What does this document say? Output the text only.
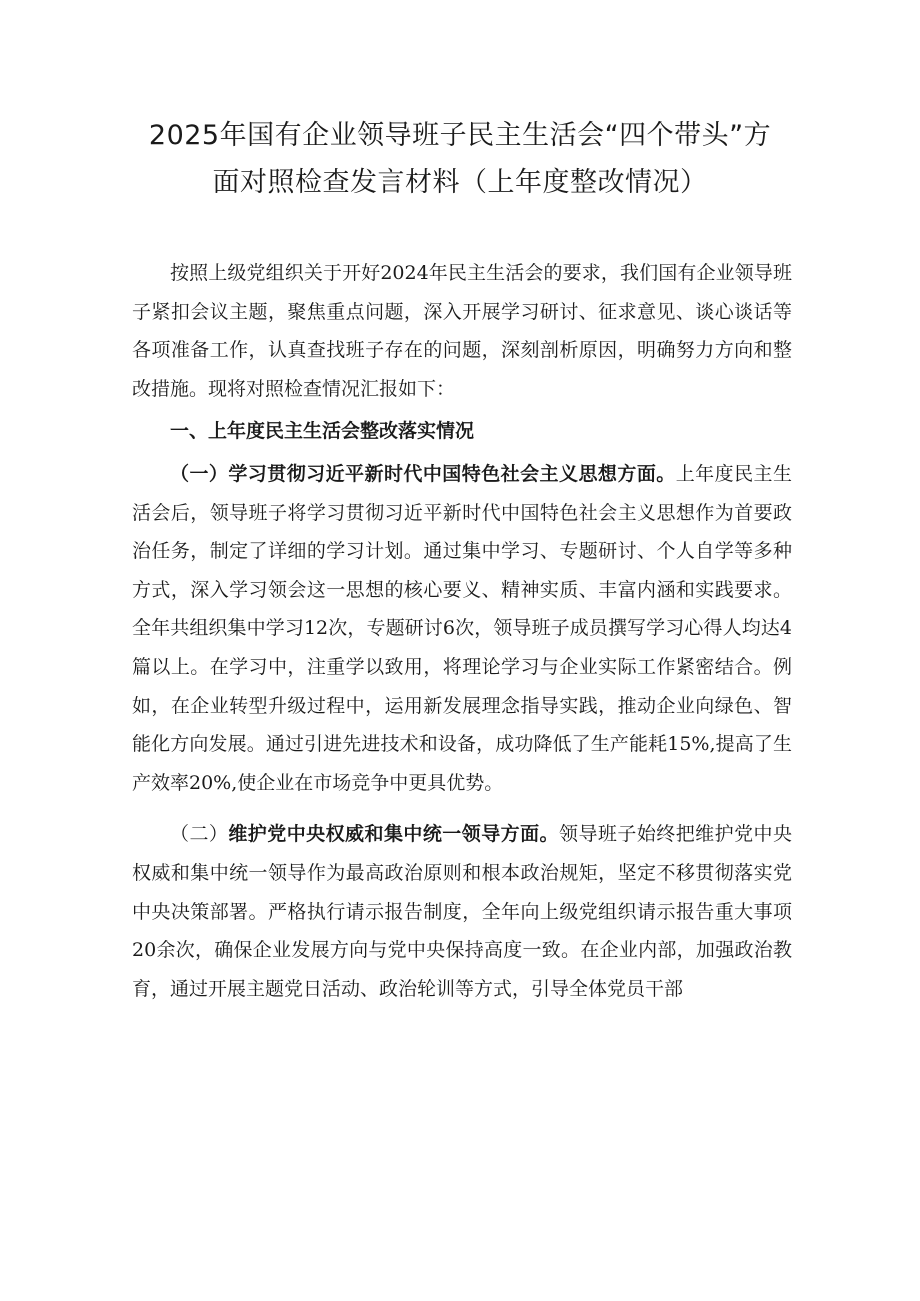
2025年国有企业领导班子民主生活会“四个带头”方
面对照检查发言材料（上年度整改情况）

按照上级党组织关于开好2024年民主生活会的要求，我们国有企业领导班子紧扣会议主题，聚焦重点问题，深入开展学习研讨、征求意见、谈心谈话等各项准备工作，认真查找班子存在的问题，深刻剖析原因，明确努力方向和整改措施。现将对照检查情况汇报如下：

一、上年度民主生活会整改落实情况

（一）学习贯彻习近平新时代中国特色社会主义思想方面。上年度民主生活会后，领导班子将学习贯彻习近平新时代中国特色社会主义思想作为首要政治任务，制定了详细的学习计划。通过集中学习、专题研讨、个人自学等多种方式，深入学习领会这一思想的核心要义、精神实质、丰富内涵和实践要求。全年共组织集中学习12次，专题研讨6次，领导班子成员撰写学习心得人均达4篇以上。在学习中，注重学以致用，将理论学习与企业实际工作紧密结合。例如，在企业转型升级过程中，运用新发展理念指导实践，推动企业向绿色、智能化方向发展。通过引进先进技术和设备，成功降低了生产能耗15%,提高了生产效率20%,使企业在市场竞争中更具优势。

（二）维护党中央权威和集中统一领导方面。领导班子始终把维护党中央权威和集中统一领导作为最高政治原则和根本政治规矩，坚定不移贯彻落实党中央决策部署。严格执行请示报告制度，全年向上级党组织请示报告重大事项20余次，确保企业发展方向与党中央保持高度一致。在企业内部，加强政治教育，通过开展主题党日活动、政治轮训等方式，引导全体党员干部
